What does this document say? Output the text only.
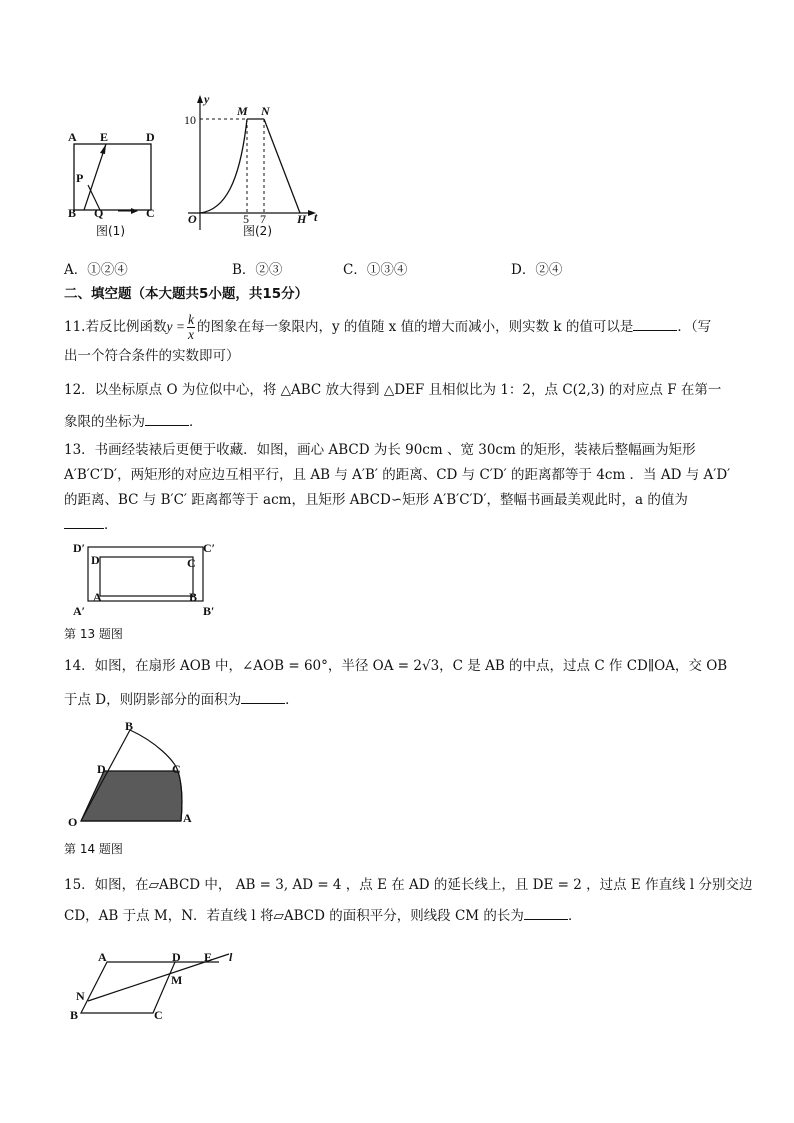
A E	D
P
B Q	C
图(1)
y
M N
10
O	5 7	H t
图(2)
A．①②④	B．②③	C．①③④	D．②④
二、填空题（本大题共5小题，共15分）
11.若反比例函数$y = \frac{k}{x}$ 的图象在每一象限内，y 的值随 x 值的增大而减小，则实数 k 的值可以是	．（写
出一个符合条件的实数即可）
12．以坐标原点 O 为位似中心，将 △ABC 放大得到 △DEF 且相似比为 1：2，点 C(2,3) 的对应点 F 在第一
象限的坐标为	．
13．书画经装裱后更便于收藏．如图，画心 ABCD 为长 90cm 、宽 30cm 的矩形，装裱后整幅画为矩形
A′B′C′D′，两矩形的对应边互相平行，且 AB 与 A′B′ 的距离、CD 与 C′D′ 的距离都等于 4cm ．当 AD 与 A′D′
的距离、BC 与 B′C′ 距离都等于 acm，且矩形 ABCD∽矩形 A′B′C′D′，整幅书画最美观此时，a 的值为
．
D′	C′
D	C
A	B
A′	B′
第 13 题图
14．如图，在扇形 AOB 中，∠AOB = 60°，半径 OA = 2√3，C 是 AB 的中点，过点 C 作 CD∥OA，交 OB
于点 D，则阴影部分的面积为	．
B
D	C
O	A
第 14 题图
15．如图，在▱ABCD 中， AB = 3, AD = 4 ，点 E 在 AD 的延长线上，且 DE = 2 ，过点 E 作直线 l 分别交边
CD，AB 于点 M，N．若直线 l 将▱ABCD 的面积平分，则线段 CM 的长为	．
A	D E l
M
N
B	C
